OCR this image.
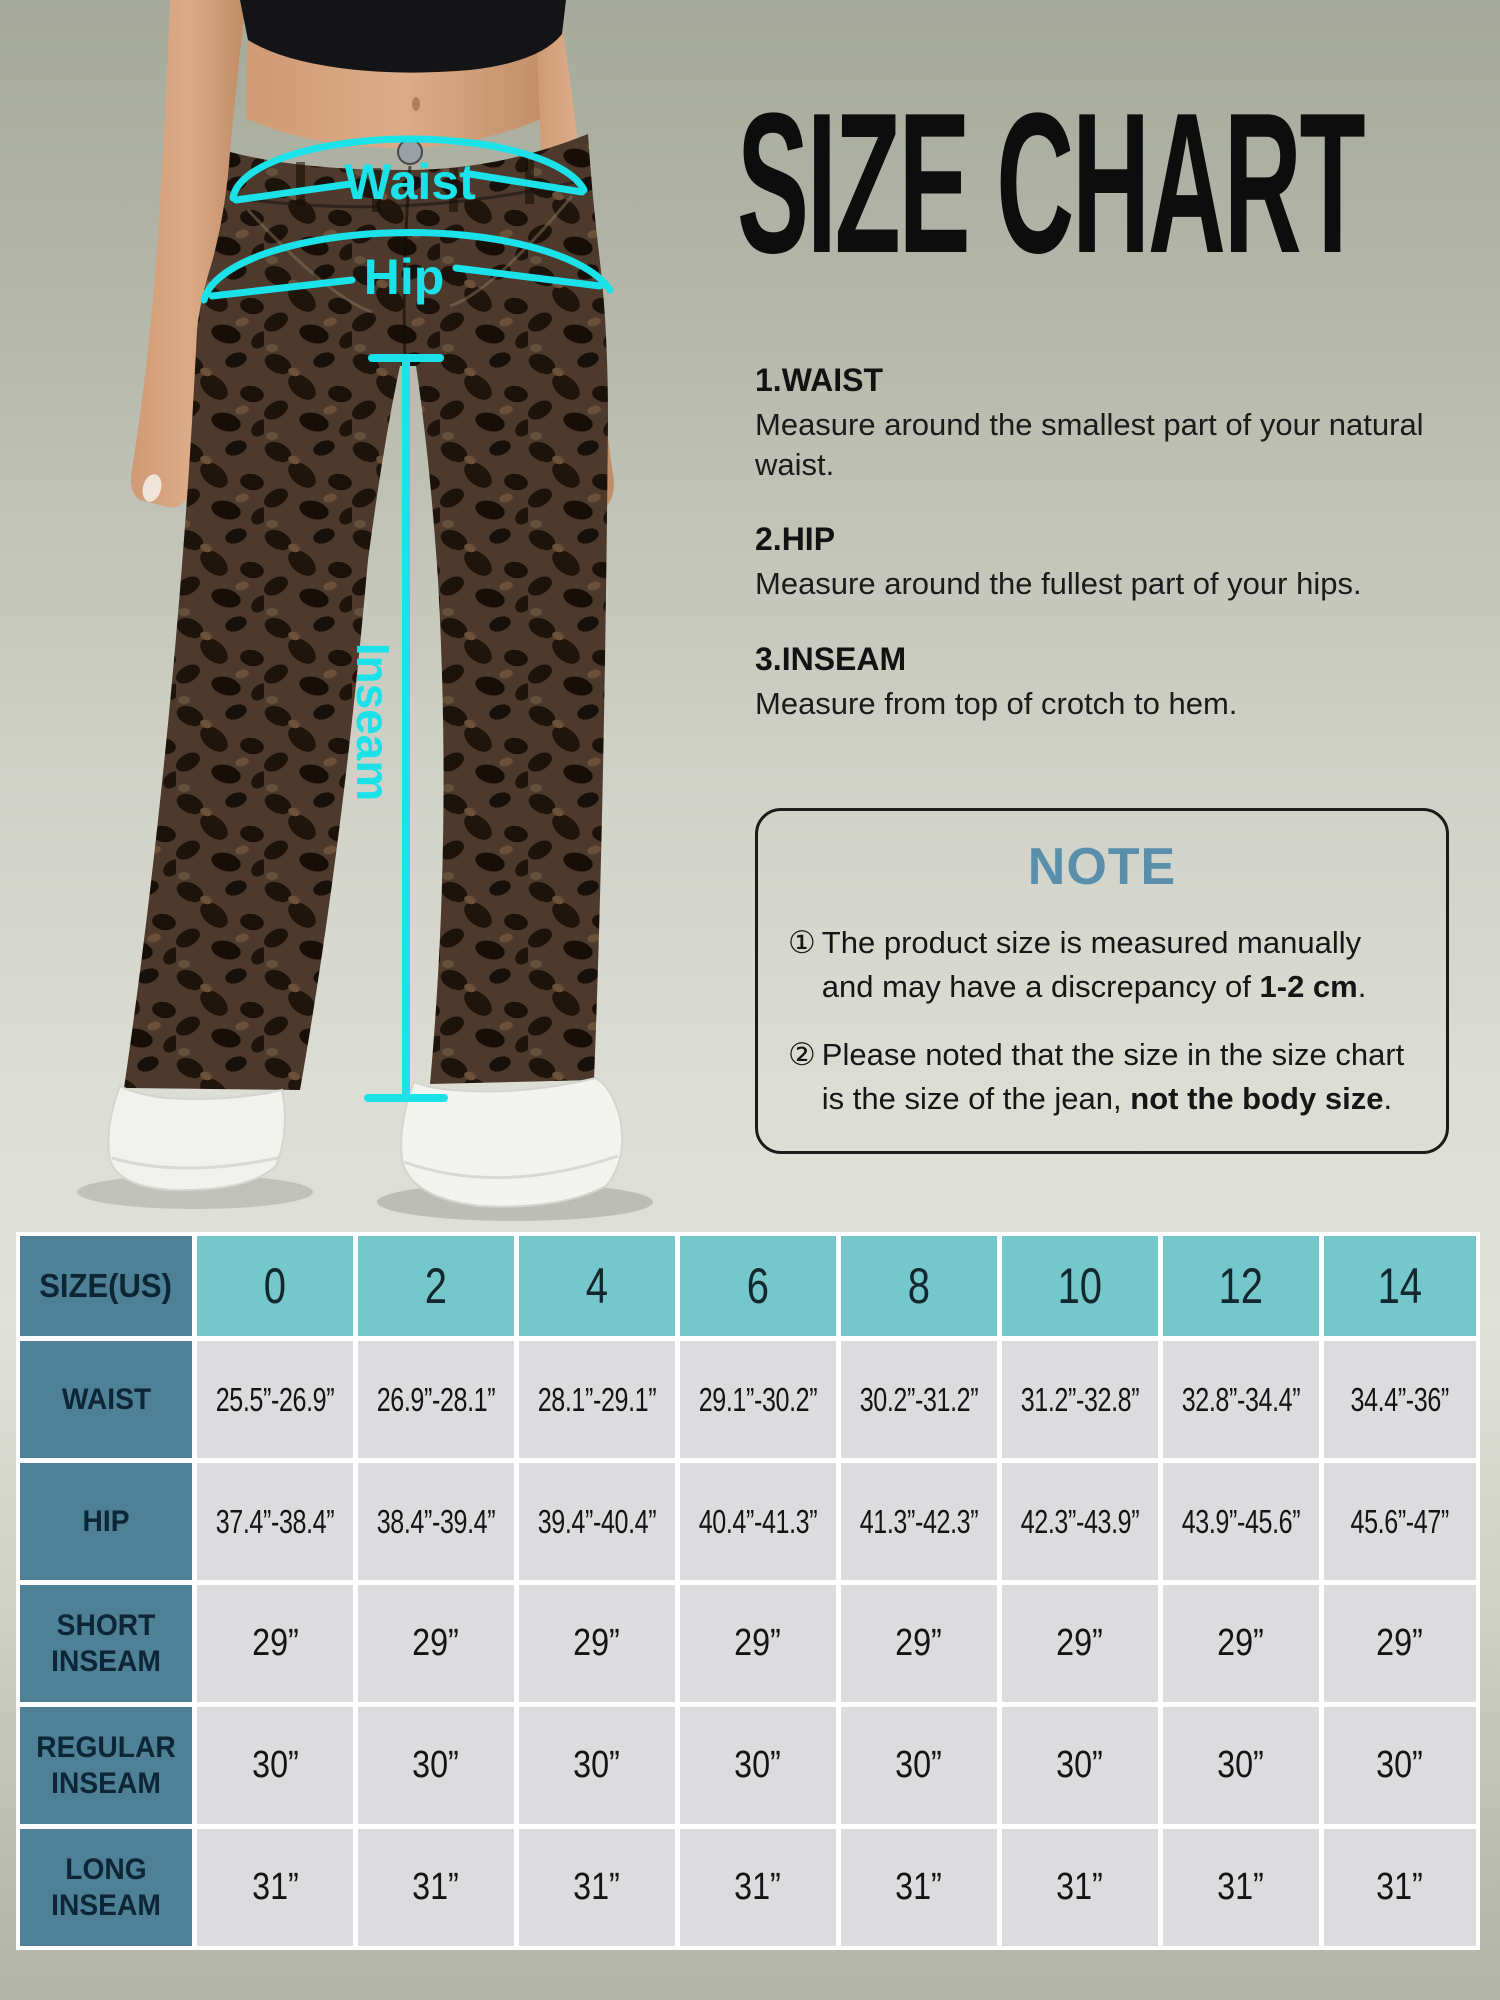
Waist
Hip
Inseam
SIZE CHART

1.WAIST

Measure around the smallest part of your natural waist.

2.HIP

Measure around the fullest part of your hips.

3.INSEAM

Measure from top of crotch to hem.

NOTE

① The product size is measured manually and may have a discrepancy of 1-2 cm.
② Please noted that the size in the size chart is the size of the jean, not the body size.
SIZE(US) 0	2	4	6	8	10 12 14
WAIST 25.5”-26.9” 26.9”-28.1” 28.1”-29.1” 29.1”-30.2” 30.2”-31.2” 31.2”-32.8” 32.8”-34.4” 34.4”-36”
HIP	37.4”-38.4” 38.4”-39.4” 39.4”-40.4” 40.4”-41.3” 41.3”-42.3” 42.3”-43.9” 43.9”-45.6” 45.6”-47”
SHORT INSEAM	29”	29”	29”	29”	29”	29”	29”	29”
REGULAR INSEAM	30”	30”	30”	30”	30”	30”	30”	30”
LONG INSEAM	31”	31”	31”	31”	31”	31”	31”	31”
